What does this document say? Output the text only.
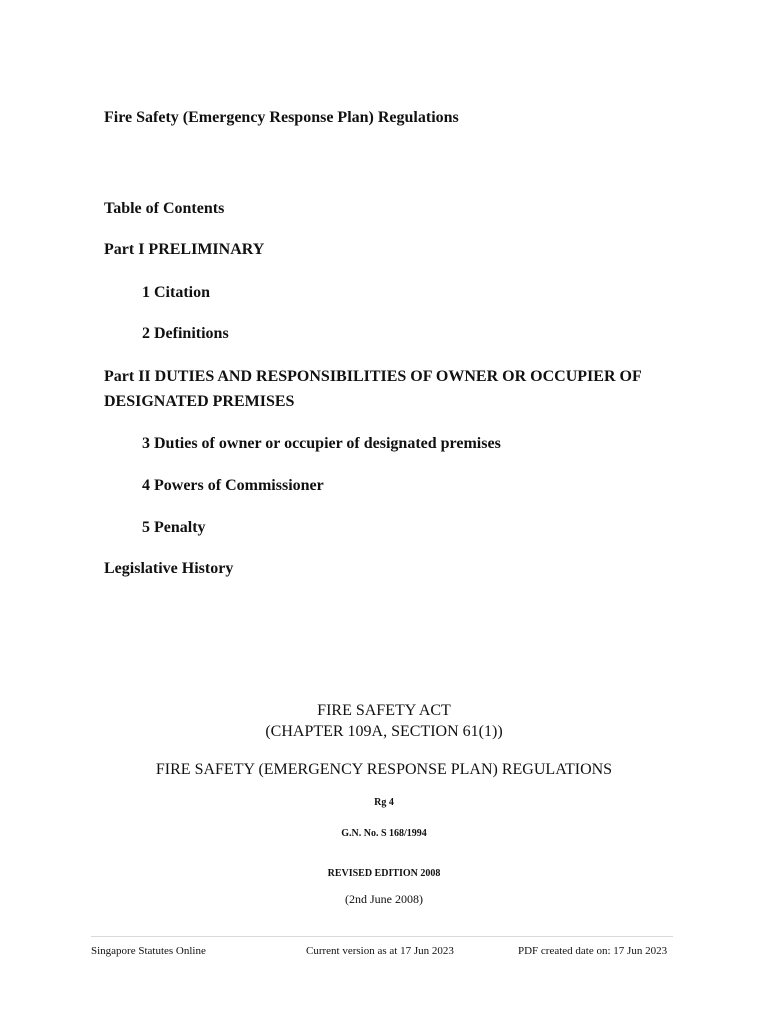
Fire Safety (Emergency Response Plan) Regulations
Table of Contents
Part I PRELIMINARY
1 Citation
2 Definitions
Part II DUTIES AND RESPONSIBILITIES OF OWNER OR OCCUPIER OF DESIGNATED PREMISES
3 Duties of owner or occupier of designated premises
4 Powers of Commissioner
5 Penalty
Legislative History
FIRE SAFETY ACT
(CHAPTER 109A, SECTION 61(1))
FIRE SAFETY (EMERGENCY RESPONSE PLAN) REGULATIONS
Rg 4
G.N. No. S 168/1994
REVISED EDITION 2008
(2nd June 2008)
Singapore Statutes Online	Current version as at 17 Jun 2023	PDF created date on: 17 Jun 2023
